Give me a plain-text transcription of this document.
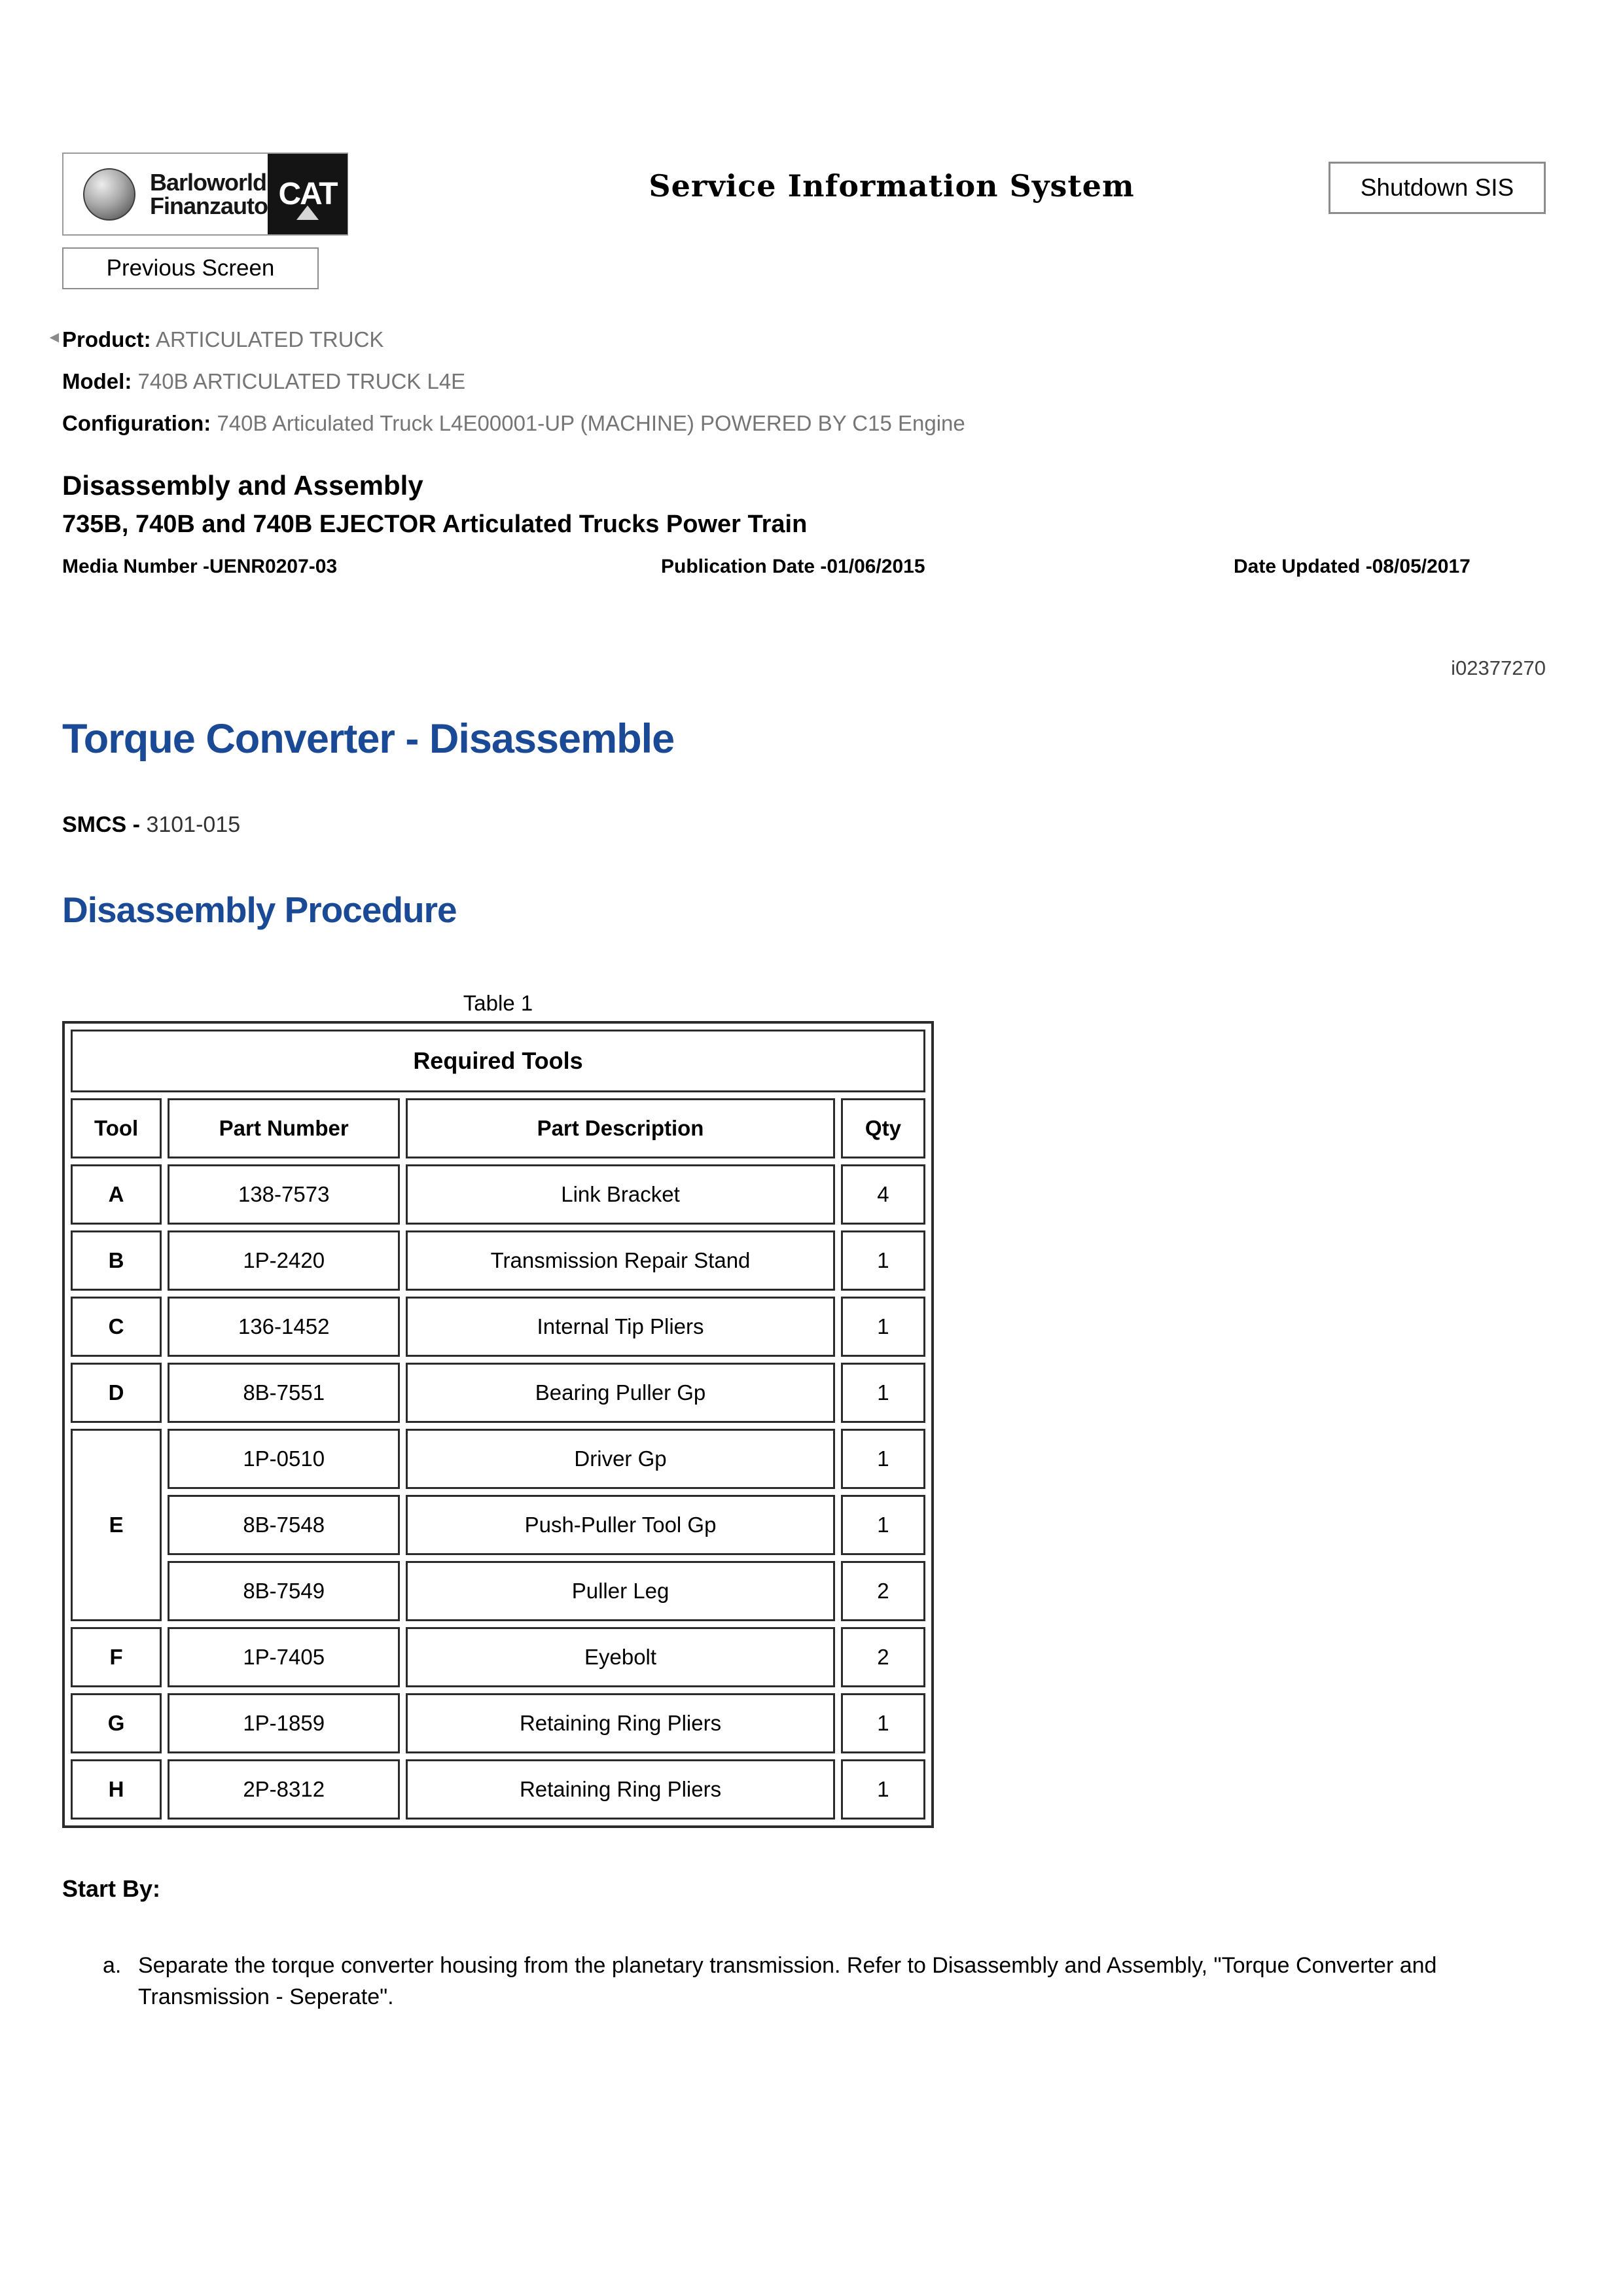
Barloworld
Finanzauto CAT
Previous Screen
Service Information System	Shutdown SIS
◄ Product: ARTICULATED TRUCK
Model: 740B ARTICULATED TRUCK L4E
Configuration: 740B Articulated Truck L4E00001-UP (MACHINE) POWERED BY C15 Engine
Disassembly and Assembly
735B, 740B and 740B EJECTOR Articulated Trucks Power Train
Media Number -UENR0207-03	Publication Date -01/06/2015	Date Updated -08/05/2017
i02377270
Torque Converter - Disassemble
SMCS - 3101-015
Disassembly Procedure
Table 1
Required Tools			
Tool	Part Number	Part Description	Qty
A	138-7573	Link Bracket	4
B	1P-2420	Transmission Repair Stand	1
C	136-1452	Internal Tip Pliers	1
D	8B-7551	Bearing Puller Gp	1
E	1P-0510	Driver Gp	1
	8B-7548	Push-Puller Tool Gp	1
	8B-7549	Puller Leg	2
F	1P-7405	Eyebolt	2
G	1P-1859	Retaining Ring Pliers	1
H	2P-8312	Retaining Ring Pliers	1
Start By:
a. Separate the torque converter housing from the planetary transmission. Refer to Disassembly and Assembly, "Torque Converter and Transmission - Seperate".
